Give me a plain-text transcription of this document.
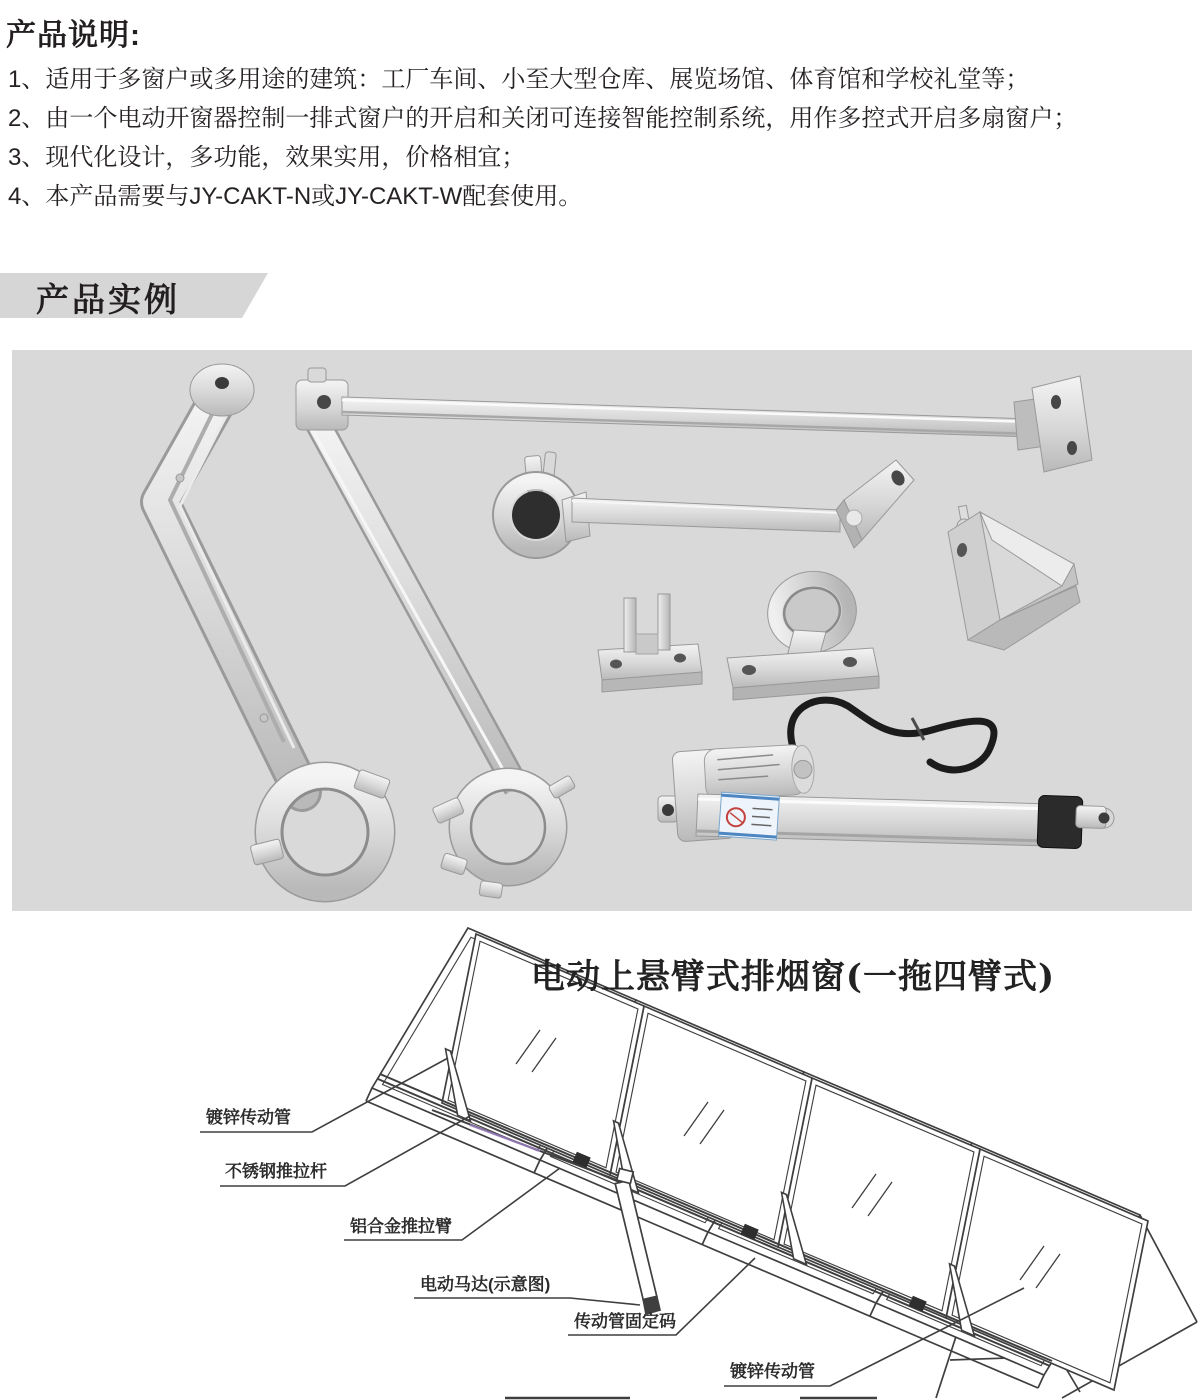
产品说明:
1、适用于多窗户或多用途的建筑：工厂车间、小至大型仓库、展览场馆、体育馆和学校礼堂等；
2、由一个电动开窗器控制一排式窗户的开启和关闭可连接智能控制系统，用作多控式开启多扇窗户；
3、现代化设计，多功能，效果实用，价格相宜；
4、本产品需要与JY-CAKT-N或JY-CAKT-W配套使用。
产品实例
电动上悬臂式排烟窗(一拖四臂式)
镀锌传动管
不锈钢推拉杆
铝合金推拉臂
电动马达(示意图)
传动管固定码
镀锌传动管
